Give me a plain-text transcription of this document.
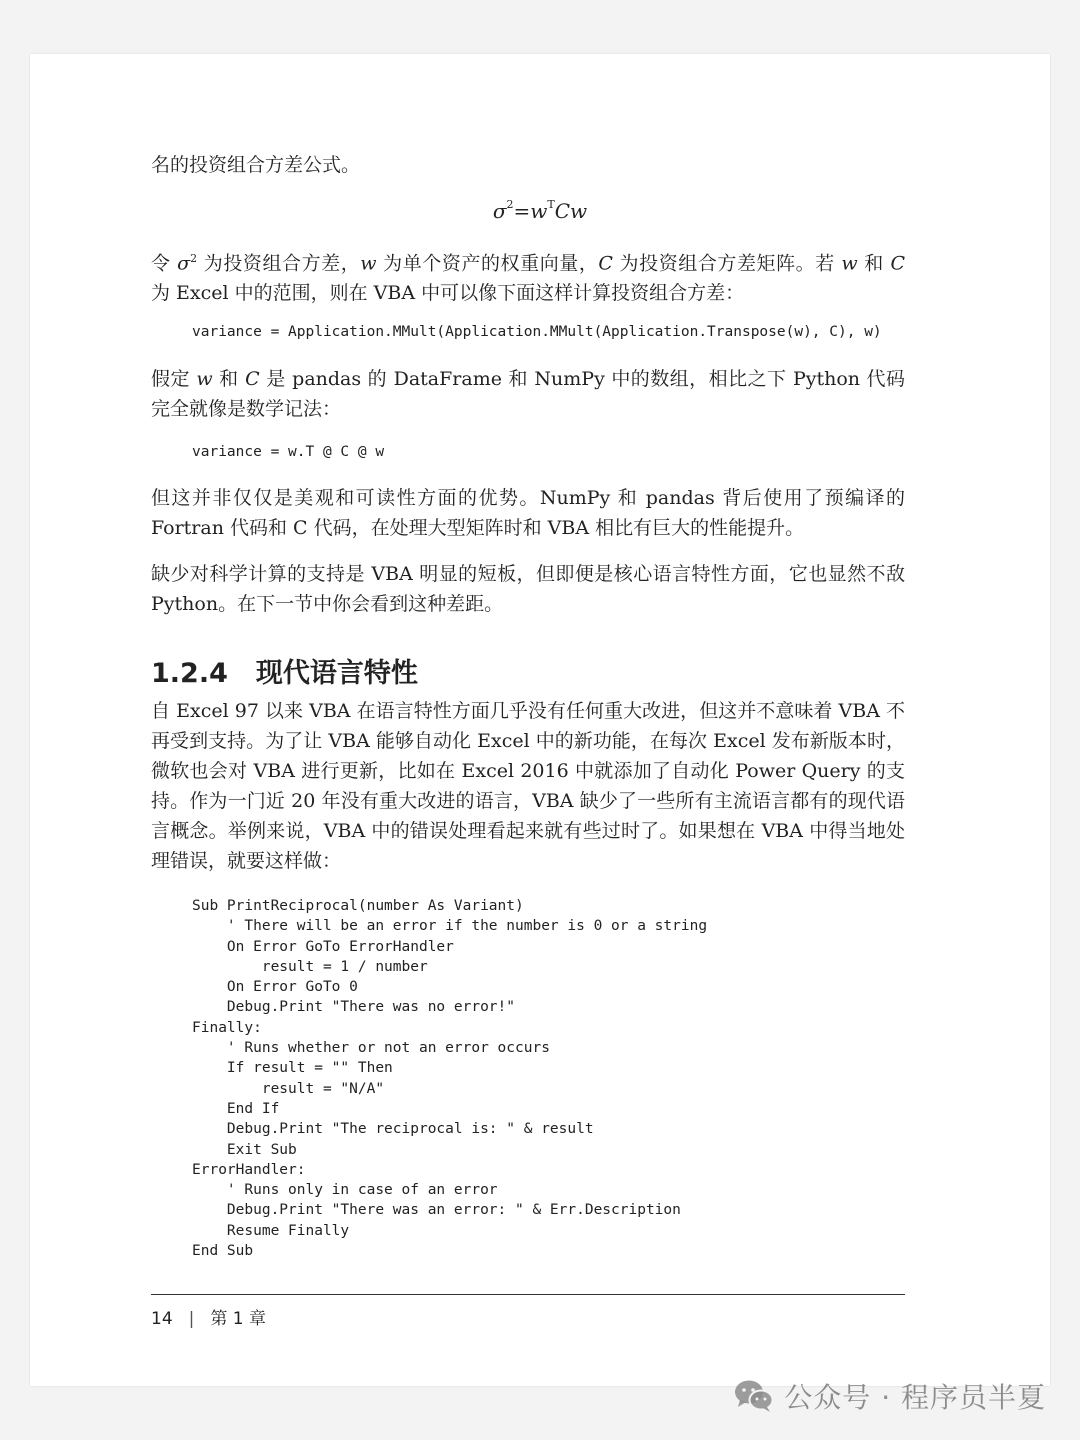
名的投资组合方差公式。

$\sigma^2=w^TCw$

令 $\sigma^2$ 为投资组合方差，w 为单个资产的权重向量，C 为投资组合方差矩阵。若 w 和 C 为 Excel 中的范围，则在 VBA 中可以像下面这样计算投资组合方差：

variance = Application.MMult(Application.MMult(Application.Transpose(w), C), w)

假定 w 和 C 是 pandas 的 DataFrame 和 NumPy 中的数组，相比之下 Python 代码完全就像是数学记法：

variance = w.T @ C @ w

但这并非仅仅是美观和可读性方面的优势。NumPy 和 pandas 背后使用了预编译的 Fortran 代码和 C 代码，在处理大型矩阵时和 VBA 相比有巨大的性能提升。

缺少对科学计算的支持是 VBA 明显的短板，但即便是核心语言特性方面，它也显然不敌 Python。在下一节中你会看到这种差距。

1.2.4 现代语言特性

自 Excel 97 以来 VBA 在语言特性方面几乎没有任何重大改进，但这并不意味着 VBA 不再受到支持。为了让 VBA 能够自动化 Excel 中的新功能，在每次 Excel 发布新版本时，微软也会对 VBA 进行更新，比如在 Excel 2016 中就添加了自动化 Power Query 的支持。作为一门近 20 年没有重大改进的语言，VBA 缺少了一些所有主流语言都有的现代语言概念。举例来说，VBA 中的错误处理看起来就有些过时了。如果想在 VBA 中得当地处理错误，就要这样做：

Sub PrintReciprocal(number As Variant)
' There will be an error if the number is 0 or a string
On Error GoTo ErrorHandler
result = 1 / number
On Error GoTo 0
Debug.Print "There was no error!"
Finally:
' Runs whether or not an error occurs
If result = "" Then
result = "N/A"
End If
Debug.Print "The reciprocal is: " & result
Exit Sub
ErrorHandler:
' Runs only in case of an error
Debug.Print "There was an error: " & Err.Description
Resume Finally
End Sub
14 | 第 1 章
公众号 · 程序员半夏
